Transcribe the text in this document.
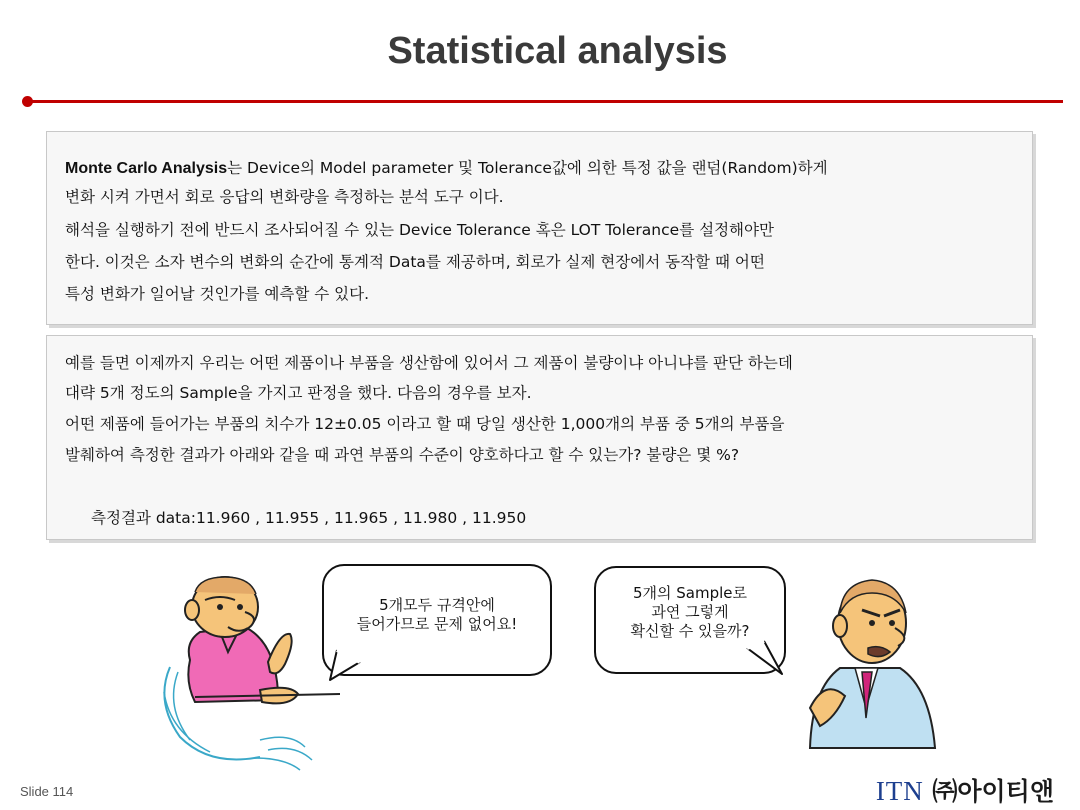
Statistical analysis
Monte Carlo Analysis는 Device의 Model parameter 및 Tolerance값에 의한 특정 값을 랜덤(Random)하게
변화 시켜 가면서 회로 응답의 변화량을 측정하는 분석 도구 이다.
해석을 실행하기 전에 반드시 조사되어질 수 있는 Device Tolerance 혹은 LOT Tolerance를 설정해야만
한다. 이것은 소자 변수의 변화의 순간에 통계적 Data를 제공하며, 회로가 실제 현장에서 동작할 때 어떤
특성 변화가 일어날 것인가를 예측할 수 있다.
예를 들면 이제까지 우리는 어떤 제품이나 부품을 생산함에 있어서 그 제품이 불량이냐 아니냐를 판단 하는데
대략 5개 정도의 Sample을 가지고 판정을 했다. 다음의 경우를 보자.
어떤 제품에 들어가는 부품의 치수가 12±0.05 이라고 할 때 당일 생산한 1,000개의 부품 중 5개의 부품을
발췌하여 측정한 결과가 아래와 같을 때 과연 부품의 수준이 양호하다고 할 수 있는가? 불량은 몇 %?
측정결과 data:11.960 , 11.955 , 11.965 , 11.980 , 11.950
5개모두 규격안에
들어가므로 문제 없어요!
5개의 Sample로
과연 그렇게
확신할 수 있을까?
Slide 114	ITN ㈜아이티앤
